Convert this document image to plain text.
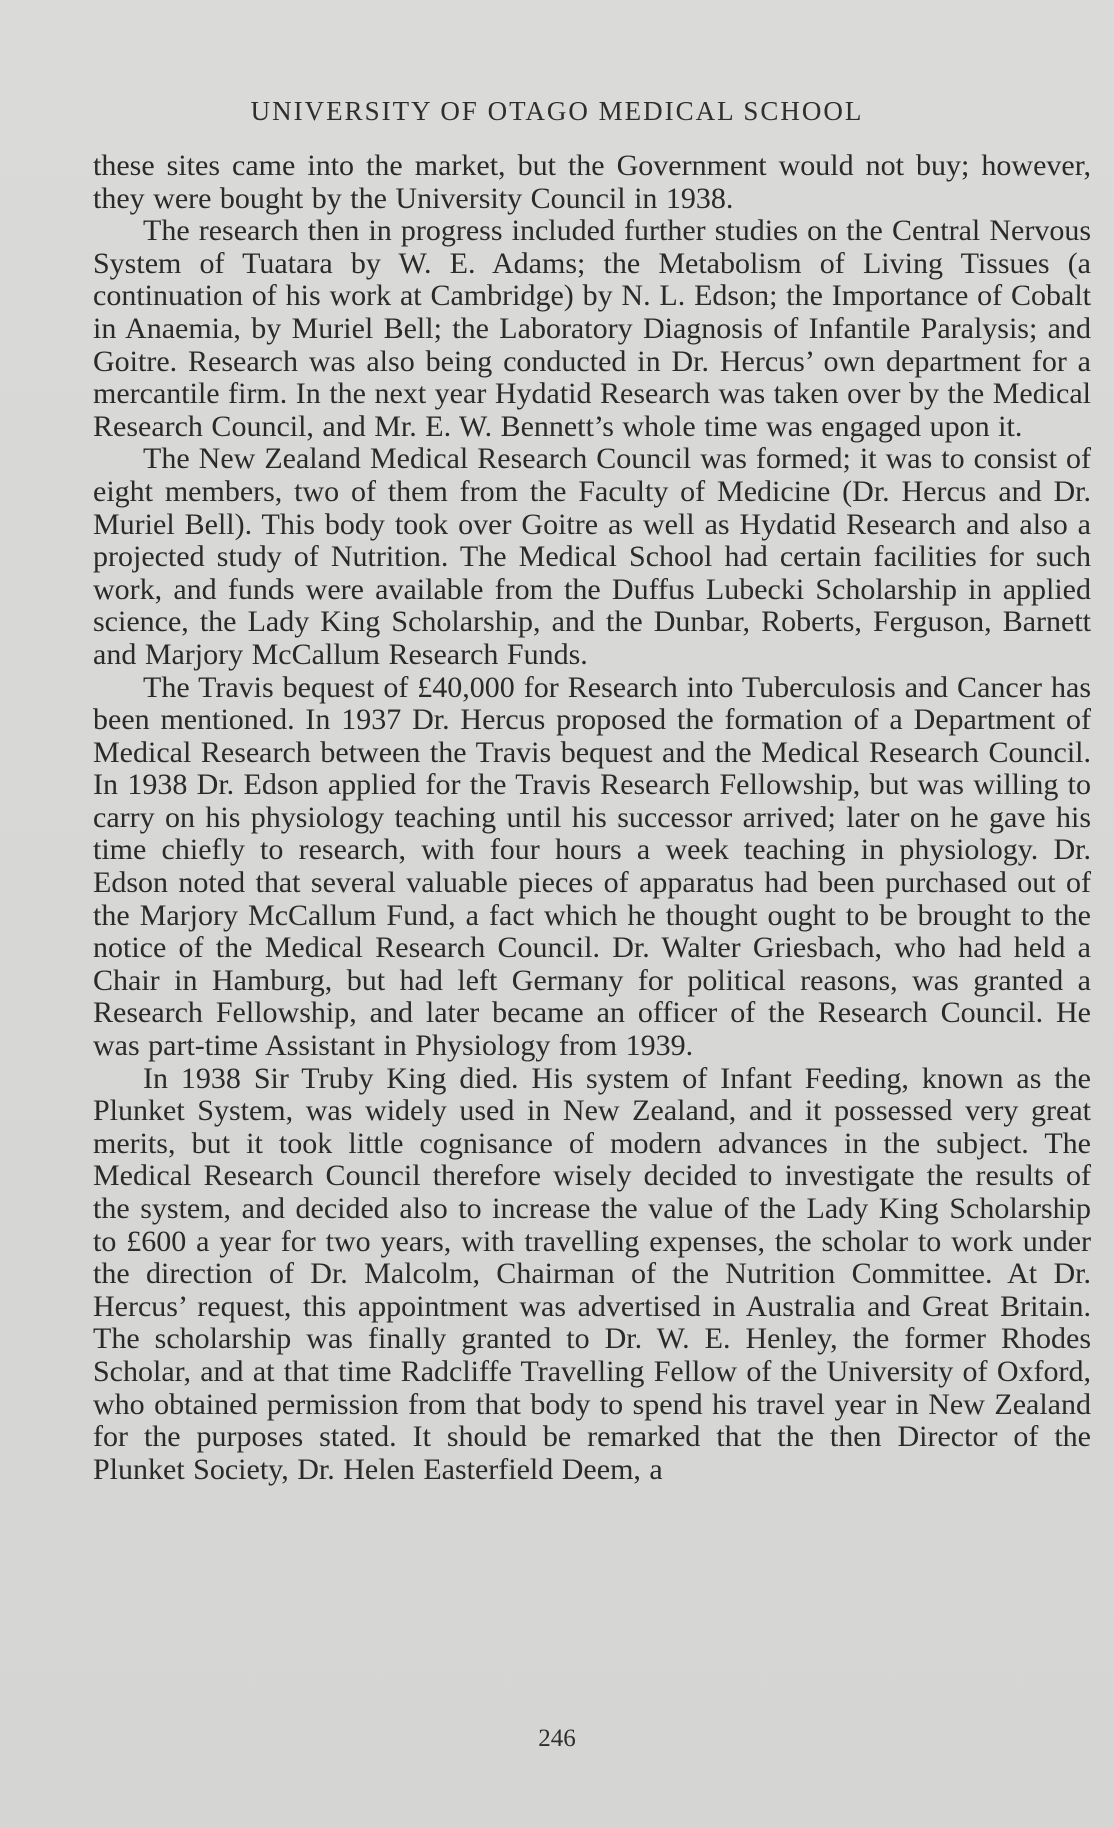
UNIVERSITY OF OTAGO MEDICAL SCHOOL

these sites came into the market, but the Government would not buy; however, they were bought by the University Council in 1938.

The research then in progress included further studies on the Central Nervous System of Tuatara by W. E. Adams; the Metabolism of Living Tissues (a continuation of his work at Cambridge) by N. L. Edson; the Importance of Cobalt in Anaemia, by Muriel Bell; the Laboratory Diagnosis of Infantile Paralysis; and Goitre. Research was also being conducted in Dr. Hercus’ own department for a mercantile firm. In the next year Hydatid Research was taken over by the Medical Research Council, and Mr. E. W. Bennett’s whole time was engaged upon it.

The New Zealand Medical Research Council was formed; it was to consist of eight members, two of them from the Faculty of Medicine (Dr. Hercus and Dr. Muriel Bell). This body took over Goitre as well as Hydatid Research and also a projected study of Nutrition. The Medical School had certain facilities for such work, and funds were available from the Duffus Lubecki Scholarship in applied science, the Lady King Scholarship, and the Dunbar, Roberts, Ferguson, Barnett and Marjory McCallum Research Funds.

The Travis bequest of £40,000 for Research into Tuberculosis and Cancer has been mentioned. In 1937 Dr. Hercus proposed the formation of a Department of Medical Research between the Travis bequest and the Medical Research Council. In 1938 Dr. Edson applied for the Travis Research Fellowship, but was willing to carry on his physiology teaching until his successor arrived; later on he gave his time chiefly to research, with four hours a week teaching in physiology. Dr. Edson noted that several valuable pieces of apparatus had been purchased out of the Marjory McCallum Fund, a fact which he thought ought to be brought to the notice of the Medical Research Council. Dr. Walter Griesbach, who had held a Chair in Hamburg, but had left Germany for political reasons, was granted a Research Fellowship, and later became an officer of the Research Council. He was part-time Assistant in Physiology from 1939.

In 1938 Sir Truby King died. His system of Infant Feeding, known as the Plunket System, was widely used in New Zealand, and it possessed very great merits, but it took little cognisance of modern advances in the subject. The Medical Research Council therefore wisely decided to investigate the results of the system, and decided also to increase the value of the Lady King Scholarship to £600 a year for two years, with travelling expenses, the scholar to work under the direction of Dr. Malcolm, Chairman of the Nutrition Committee. At Dr. Hercus’ request, this appointment was advertised in Australia and Great Britain. The scholarship was finally granted to Dr. W. E. Henley, the former Rhodes Scholar, and at that time Radcliffe Travelling Fellow of the University of Oxford, who obtained permission from that body to spend his travel year in New Zealand for the purposes stated. It should be remarked that the then Director of the Plunket Society, Dr. Helen Easterfield Deem, a

246
